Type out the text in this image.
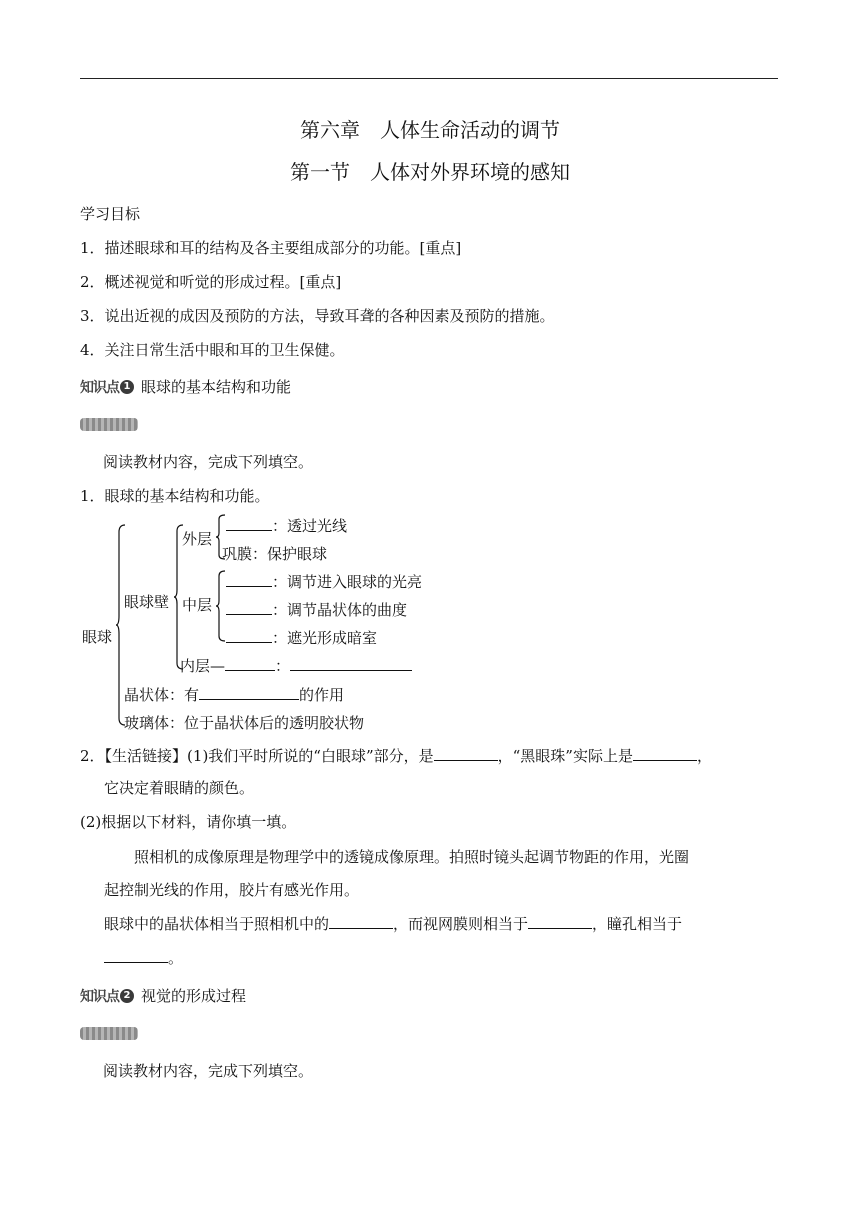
第六章　人体生命活动的调节
第一节　人体对外界环境的感知
学习目标
1．描述眼球和耳的结构及各主要组成部分的功能。[重点]
2．概述视觉和听觉的形成过程。[重点]
3．说出近视的成因及预防的方法，导致耳聋的各种因素及预防的措施。
4．关注日常生活中眼和耳的卫生保健。
知识点 1 眼球的基本结构和功能
阅读教材内容，完成下列填空。
1．眼球的基本结构和功能。
眼球
眼球壁
外层
中层
：透过光线
巩膜：保护眼球
：调节进入眼球的光亮
：调节晶状体的曲度
：遮光形成暗室
内层—	：
晶状体：有	的作用
玻璃体：位于晶状体后的透明胶状物
2．【生活链接】(1)我们平时所说的“白眼球”部分，是	，“黑眼珠”实际上是	，
它决定着眼睛的颜色。
(2)根据以下材料，请你填一填。
照相机的成像原理是物理学中的透镜成像原理。拍照时镜头起调节物距的作用，光圈
起控制光线的作用，胶片有感光作用。
眼球中的晶状体相当于照相机中的	，而视网膜则相当于	，瞳孔相当于
。
知识点 2 视觉的形成过程
阅读教材内容，完成下列填空。
